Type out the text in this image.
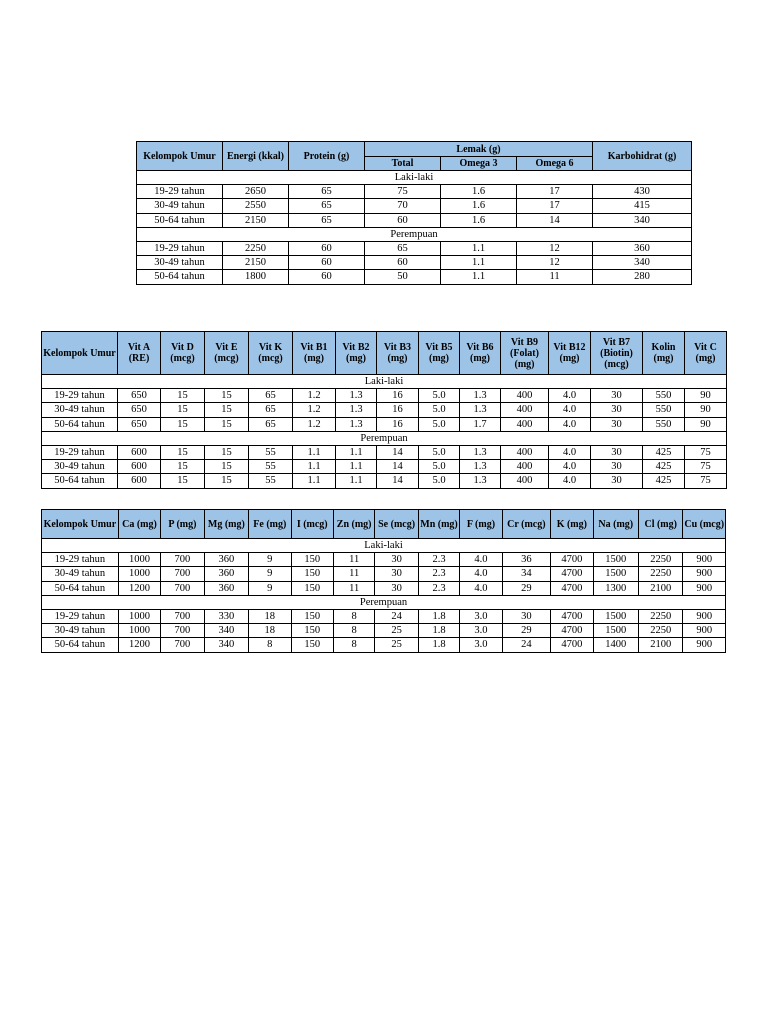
Kelompok Umur	Energi (kkal)	Protein (g)	Lemak (g)			Karbohidrat (g)
			Total	Omega 3	Omega 6	
Laki-laki						
19-29 tahun	2650	65	75	1.6	17	430
30-49 tahun	2550	65	70	1.6	17	415
50-64 tahun	2150	65	60	1.6	14	340
Perempuan						
19-29 tahun	2250	60	65	1.1	12	360
30-49 tahun	2150	60	60	1.1	12	340
50-64 tahun	1800	60	50	1.1	11	280
Kelompok Umur	Vit A (RE)	Vit D (mcg)	Vit E (mcg)	Vit K (mcg)	Vit B1 (mg)	Vit B2 (mg)	Vit B3 (mg)	Vit B5 (mg)	Vit B6 (mg)	Vit B9 (Folat) (mg)	Vit B12 (mg)	Vit B7 (Biotin) (mcg)	Kolin (mg)	Vit C (mg)
Laki-laki														
19-29 tahun	650	15	15	65	1.2	1.3	16	5.0	1.3	400	4.0	30	550	90
30-49 tahun	650	15	15	65	1.2	1.3	16	5.0	1.3	400	4.0	30	550	90
50-64 tahun	650	15	15	65	1.2	1.3	16	5.0	1.7	400	4.0	30	550	90
Perempuan														
19-29 tahun	600	15	15	55	1.1	1.1	14	5.0	1.3	400	4.0	30	425	75
30-49 tahun	600	15	15	55	1.1	1.1	14	5.0	1.3	400	4.0	30	425	75
50-64 tahun	600	15	15	55	1.1	1.1	14	5.0	1.3	400	4.0	30	425	75
Kelompok Umur	Ca (mg)	P (mg)	Mg (mg)	Fe (mg)	I (mcg)	Zn (mg)	Se (mcg)	Mn (mg)	F (mg)	Cr (mcg)	K (mg)	Na (mg)	Cl (mg)	Cu (mcg)
Laki-laki														
19-29 tahun	1000	700	360	9	150	11	30	2.3	4.0	36	4700	1500	2250	900
30-49 tahun	1000	700	360	9	150	11	30	2.3	4.0	34	4700	1500	2250	900
50-64 tahun	1200	700	360	9	150	11	30	2.3	4.0	29	4700	1300	2100	900
Perempuan														
19-29 tahun	1000	700	330	18	150	8	24	1.8	3.0	30	4700	1500	2250	900
30-49 tahun	1000	700	340	18	150	8	25	1.8	3.0	29	4700	1500	2250	900
50-64 tahun	1200	700	340	8	150	8	25	1.8	3.0	24	4700	1400	2100	900
